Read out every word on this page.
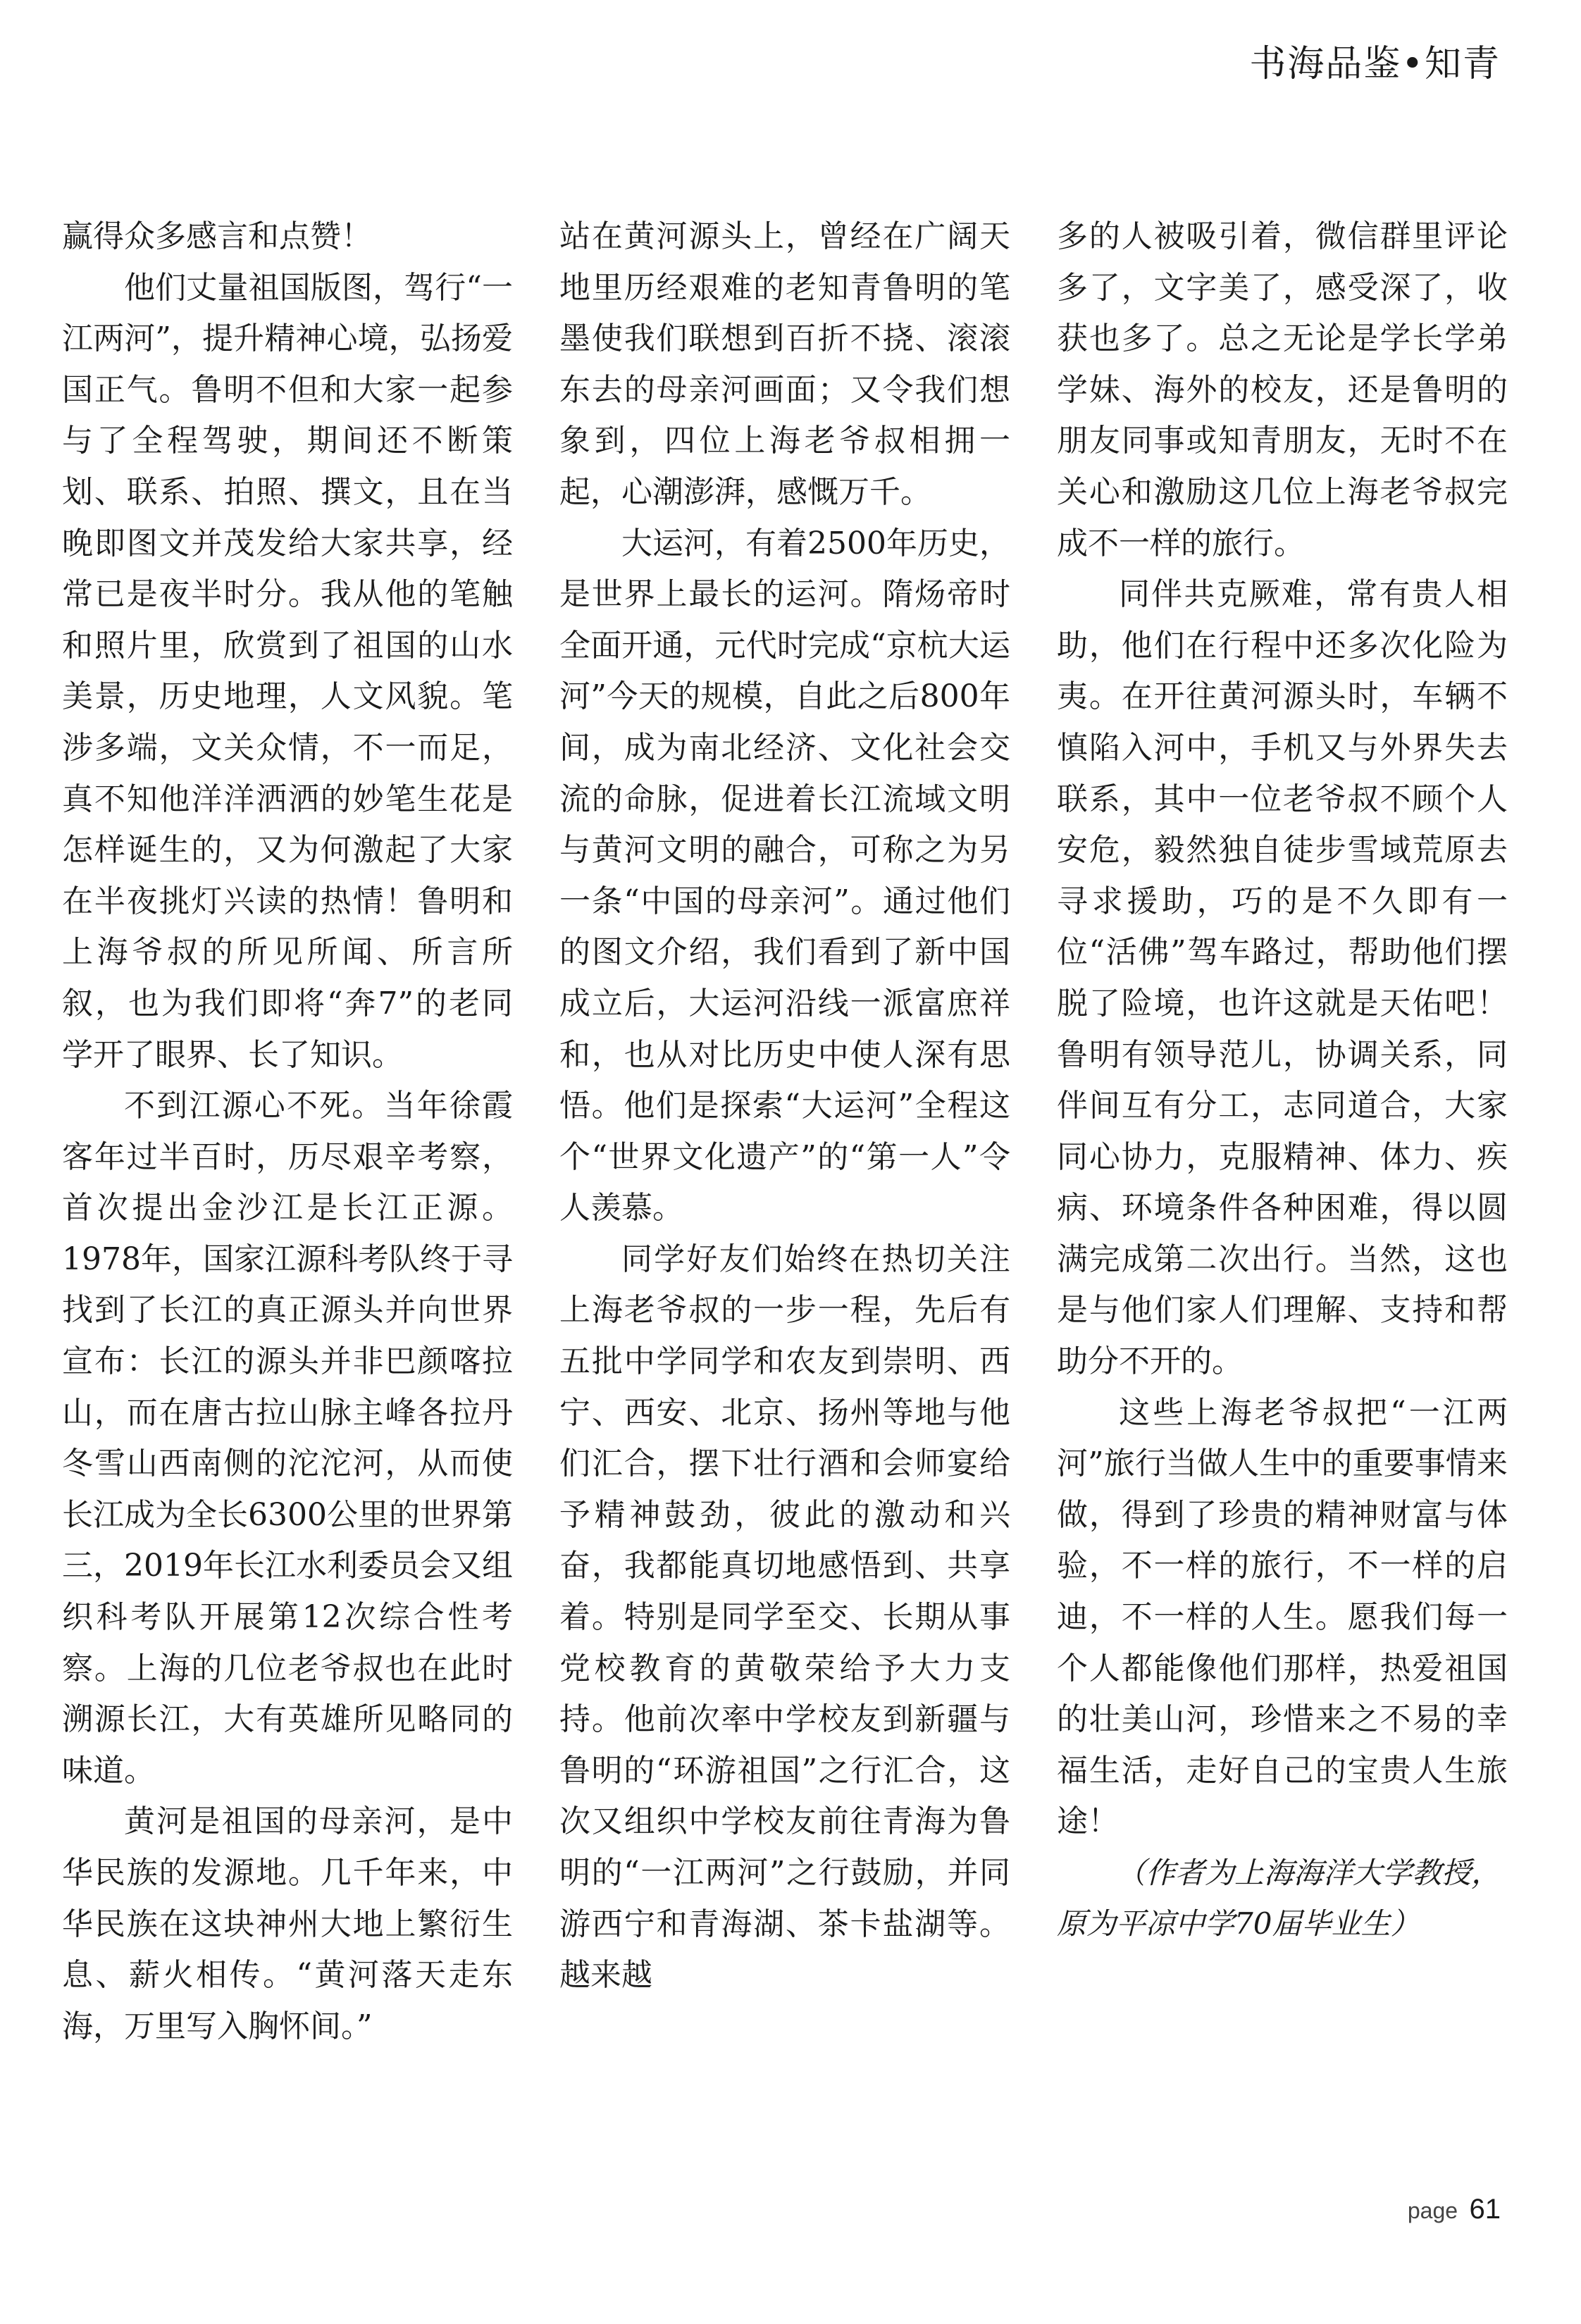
书海品鉴•知青

赢得众多感言和点赞！

他们丈量祖国版图，驾行“一江两河”，提升精神心境，弘扬爱国正气。鲁明不但和大家一起参与了全程驾驶，期间还不断策划、联系、拍照、撰文，且在当晚即图文并茂发给大家共享，经常已是夜半时分。我从他的笔触和照片里，欣赏到了祖国的山水美景，历史地理，人文风貌。笔涉多端，文关众情，不一而足，真不知他洋洋洒洒的妙笔生花是怎样诞生的，又为何激起了大家在半夜挑灯兴读的热情！鲁明和上海爷叔的所见所闻、所言所叙，也为我们即将“奔7”的老同学开了眼界、长了知识。

不到江源心不死。当年徐霞客年过半百时，历尽艰辛考察，首次提出金沙江是长江正源。1978年，国家江源科考队终于寻找到了长江的真正源头并向世界宣布：长江的源头并非巴颜喀拉山，而在唐古拉山脉主峰各拉丹冬雪山西南侧的沱沱河，从而使长江成为全长6300公里的世界第三，2019年长江水利委员会又组织科考队开展第12次综合性考察。上海的几位老爷叔也在此时溯源长江，大有英雄所见略同的味道。

黄河是祖国的母亲河，是中华民族的发源地。几千年来，中华民族在这块神州大地上繁衍生息、薪火相传。“黄河落天走东海，万里写入胸怀间。”

站在黄河源头上，曾经在广阔天地里历经艰难的老知青鲁明的笔墨使我们联想到百折不挠、滚滚东去的母亲河画面；又令我们想象到，四位上海老爷叔相拥一起，心潮澎湃，感慨万千。

大运河，有着2500年历史，是世界上最长的运河。隋炀帝时全面开通，元代时完成“京杭大运河”今天的规模，自此之后800年间，成为南北经济、文化社会交流的命脉，促进着长江流域文明与黄河文明的融合，可称之为另一条“中国的母亲河”。通过他们的图文介绍，我们看到了新中国成立后，大运河沿线一派富庶祥和，也从对比历史中使人深有思悟。他们是探索“大运河”全程这个“世界文化遗产”的“第一人”令人羡慕。

同学好友们始终在热切关注上海老爷叔的一步一程，先后有五批中学同学和农友到崇明、西宁、西安、北京、扬州等地与他们汇合，摆下壮行酒和会师宴给予精神鼓劲，彼此的激动和兴奋，我都能真切地感悟到、共享着。特别是同学至交、长期从事党校教育的黄敬荣给予大力支持。他前次率中学校友到新疆与鲁明的“环游祖国”之行汇合，这次又组织中学校友前往青海为鲁明的“一江两河”之行鼓励，并同游西宁和青海湖、茶卡盐湖等。越来越

多的人被吸引着，微信群里评论多了，文字美了，感受深了，收获也多了。总之无论是学长学弟学妹、海外的校友，还是鲁明的朋友同事或知青朋友，无时不在关心和激励这几位上海老爷叔完成不一样的旅行。

同伴共克厥难，常有贵人相助，他们在行程中还多次化险为夷。在开往黄河源头时，车辆不慎陷入河中，手机又与外界失去联系，其中一位老爷叔不顾个人安危，毅然独自徒步雪域荒原去寻求援助，巧的是不久即有一位“活佛”驾车路过，帮助他们摆脱了险境，也许这就是天佑吧！鲁明有领导范儿，协调关系，同伴间互有分工，志同道合，大家同心协力，克服精神、体力、疾病、环境条件各种困难，得以圆满完成第二次出行。当然，这也是与他们家人们理解、支持和帮助分不开的。

这些上海老爷叔把“一江两河”旅行当做人生中的重要事情来做，得到了珍贵的精神财富与体验，不一样的旅行，不一样的启迪，不一样的人生。愿我们每一个人都能像他们那样，热爱祖国的壮美山河，珍惜来之不易的幸福生活，走好自己的宝贵人生旅途！

（作者为上海海洋大学教授，原为平凉中学70届毕业生）

page 61
